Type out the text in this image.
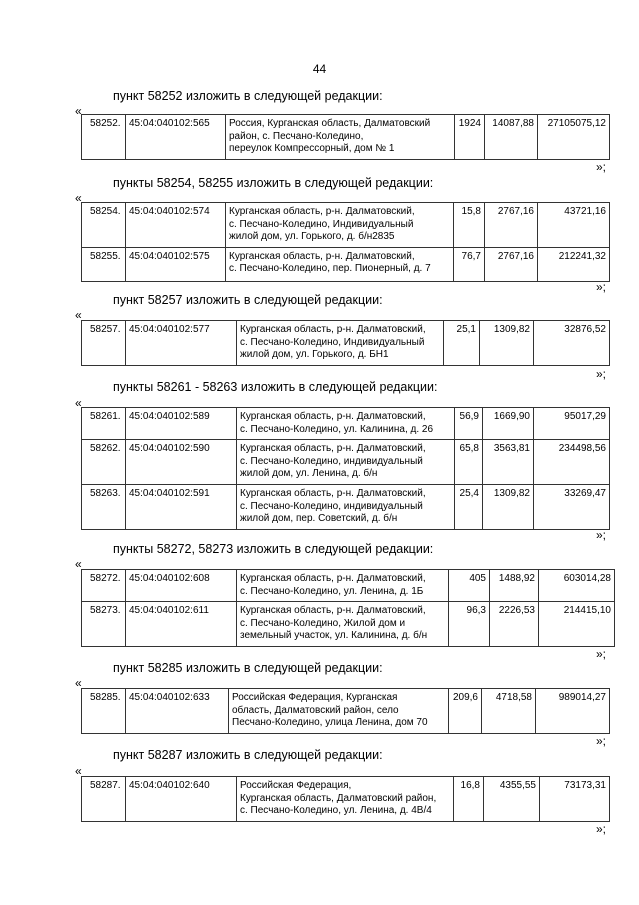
44
пункт 58252 изложить в следующей редакции:
«
58252.	45:04:040102:565	Россия, Курганская область, Далматовский
район, с. Песчано-Коледино,
переулок Компрессорный, дом № 1
	1924	14087,88	27105075,12
»;
пункты 58254, 58255 изложить в следующей редакции:
«
58254.	45:04:040102:574	Курганская область, р-н. Далматовский,
с. Песчано-Коледино, Индивидуальный
жилой дом, ул. Горького, д. б/н2835	15,8	2767,16	43721,16
58255.	45:04:040102:575	Курганская область, р-н. Далматовский,
с. Песчано-Коледино, пер. Пионерный, д. 7	76,7	2767,16	212241,32
»;
пункт 58257 изложить в следующей редакции:
«
58257.	45:04:040102:577	Курганская область, р-н. Далматовский,
с. Песчано-Коледино, Индивидуальный
жилой дом, ул. Горького, д. БН1
	25,1	1309,82	32876,52
»;
пункты 58261 - 58263 изложить в следующей редакции:
«
58261.	45:04:040102:589	Курганская область, р-н. Далматовский,
с. Песчано-Коледино, ул. Калинина, д. 26	56,9	1669,90	95017,29
58262.	45:04:040102:590	Курганская область, р-н. Далматовский,
с. Песчано-Коледино, индивидуальный
жилой дом, ул. Ленина, д. б/н	65,8	3563,81	234498,56
58263.	45:04:040102:591	Курганская область, р-н. Далматовский,
с. Песчано-Коледино, индивидуальный
жилой дом, пер. Советский, д. б/н	25,4	1309,82	33269,47
»;
пункты 58272, 58273 изложить в следующей редакции:
«
58272.	45:04:040102:608	Курганская область, р-н. Далматовский,
с. Песчано-Коледино, ул. Ленина, д. 1Б	405	1488,92	603014,28
58273.	45:04:040102:611	Курганская область, р-н. Далматовский,
с. Песчано-Коледино, Жилой дом и
земельный участок, ул. Калинина, д. б/н	96,3	2226,53	214415,10
»;
пункт 58285 изложить в следующей редакции:
«
58285.	45:04:040102:633	Российская Федерация, Курганская
область, Далматовский район, село
Песчано-Коледино, улица Ленина, дом 70
	209,6	4718,58	989014,27
»;
пункт 58287 изложить в следующей редакции:
«
58287.	45:04:040102:640	Российская Федерация,
Курганская область, Далматовский район,
с. Песчано-Коледино, ул. Ленина, д. 4В/4
	16,8	4355,55	73173,31
»;
